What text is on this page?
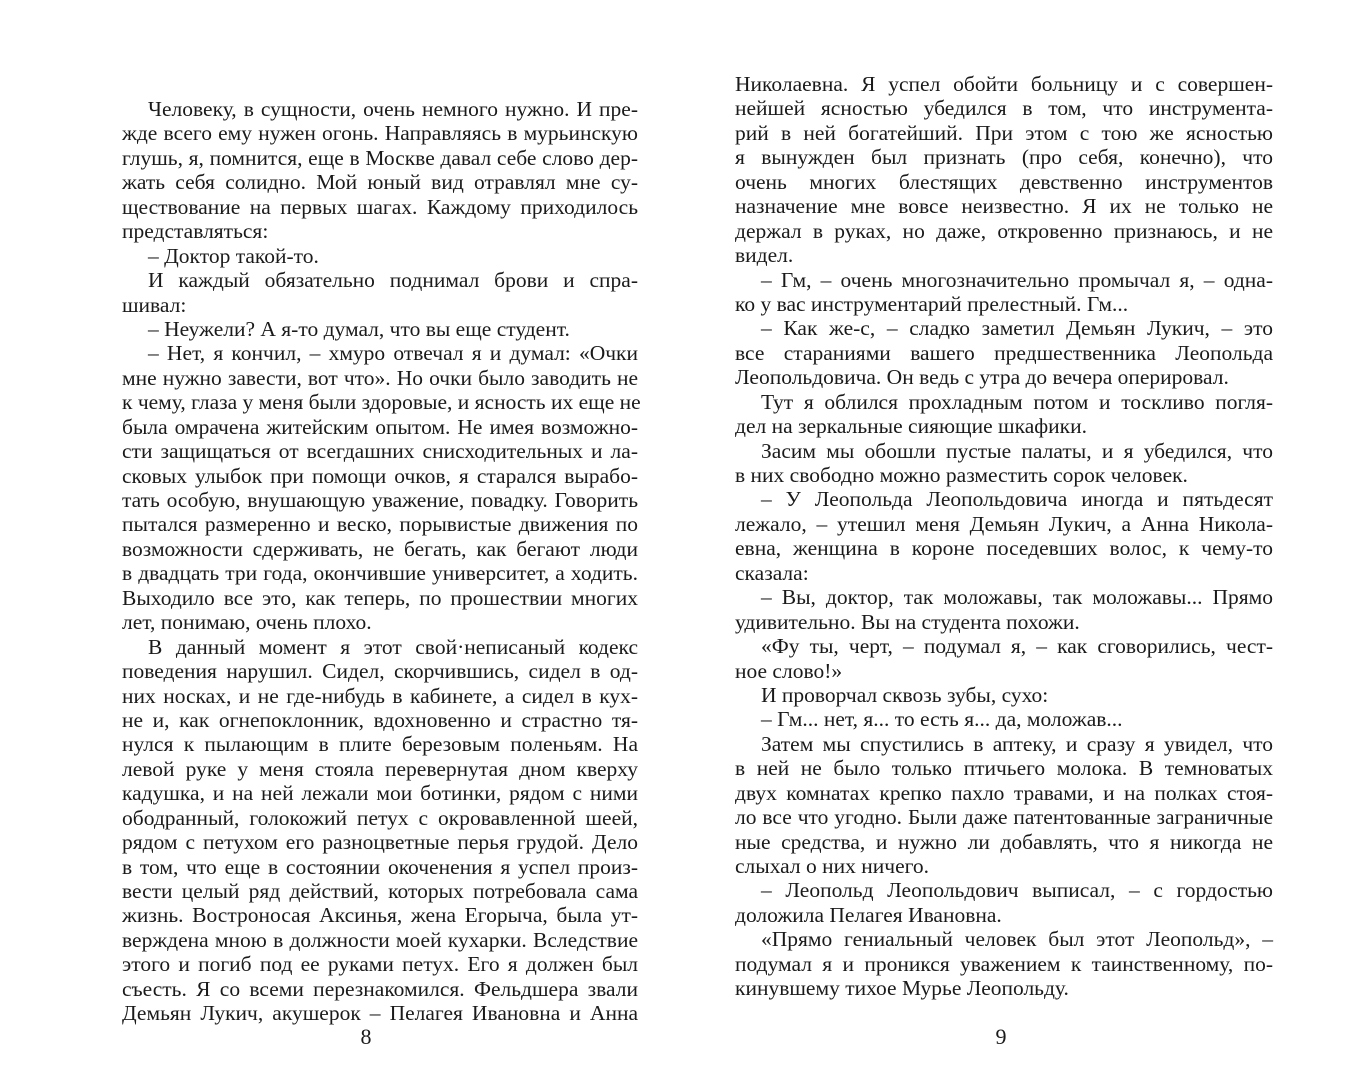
Человеку, в сущности, очень немного нужно. И пре-
жде всего ему нужен огонь. Направляясь в мурьинскую
глушь, я, помнится, еще в Москве давал себе слово дер-
жать себя солидно. Мой юный вид отравлял мне су-
ществование на первых шагах. Каждому приходилось
представляться:
– Доктор такой-то.
И каждый обязательно поднимал брови и спра-
шивал:
– Неужели? А я-то думал, что вы еще студент.
– Нет, я кончил, – хмуро отвечал я и думал: «Очки
мне нужно завести, вот что». Но очки было заводить не
к чему, глаза у меня были здоровые, и ясность их еще не
была омрачена житейским опытом. Не имея возможно-
сти защищаться от всегдашних снисходительных и ла-
сковых улыбок при помощи очков, я старался вырабо-
тать особую, внушающую уважение, повадку. Говорить
пытался размеренно и веско, порывистые движения по
возможности сдерживать, не бегать, как бегают люди
в двадцать три года, окончившие университет, а ходить.
Выходило все это, как теперь, по прошествии многих
лет, понимаю, очень плохо.
В данный момент я этот свой·неписаный кодекс
поведения нарушил. Сидел, скорчившись, сидел в од-
них носках, и не где-нибудь в кабинете, а сидел в кух-
не и, как огнепоклонник, вдохновенно и страстно тя-
нулся к пылающим в плите березовым поленьям. На
левой руке у меня стояла перевернутая дном кверху
кадушка, и на ней лежали мои ботинки, рядом с ними
ободранный, голокожий петух с окровавленной шеей,
рядом с петухом его разноцветные перья грудой. Дело
в том, что еще в состоянии окоченения я успел произ-
вести целый ряд действий, которых потребовала сама
жизнь. Востроносая Аксинья, жена Егорыча, была ут-
верждена мною в должности моей кухарки. Вследствие
этого и погиб под ее руками петух. Его я должен был
съесть. Я со всеми перезнакомился. Фельдшера звали
Демьян Лукич, акушерок – Пелагея Ивановна и Анна
8
Николаевна. Я успел обойти больницу и с совершен-
нейшей ясностью убедился в том, что инструмента-
рий в ней богатейший. При этом с тою же ясностью
я вынужден был признать (про себя, конечно), что
очень многих блестящих девственно инструментов
назначение мне вовсе неизвестно. Я их не только не
держал в руках, но даже, откровенно признаюсь, и не
видел.
– Гм, – очень многозначительно промычал я, – одна-
ко у вас инструментарий прелестный. Гм...
– Как же-с, – сладко заметил Демьян Лукич, – это
все стараниями вашего предшественника Леопольда
Леопольдовича. Он ведь с утра до вечера оперировал.
Тут я облился прохладным потом и тоскливо погля-
дел на зеркальные сияющие шкафики.
Засим мы обошли пустые палаты, и я убедился, что
в них свободно можно разместить сорок человек.
– У Леопольда Леопольдовича иногда и пятьдесят
лежало, – утешил меня Демьян Лукич, а Анна Никола-
евна, женщина в короне поседевших волос, к чему-то
сказала:
– Вы, доктор, так моложавы, так моложавы... Прямо
удивительно. Вы на студента похожи.
«Фу ты, черт, – подумал я, – как сговорились, чест-
ное слово!»
И проворчал сквозь зубы, сухо:
– Гм... нет, я... то есть я... да, моложав...
Затем мы спустились в аптеку, и сразу я увидел, что
в ней не было только птичьего молока. В темноватых
двух комнатах крепко пахло травами, и на полках стоя-
ло все что угодно. Были даже патентованные заграничные
ные средства, и нужно ли добавлять, что я никогда не
слыхал о них ничего.
– Леопольд Леопольдович выписал, – с гордостью
доложила Пелагея Ивановна.
«Прямо гениальный человек был этот Леопольд», –
подумал я и проникся уважением к таинственному, по-
кинувшему тихое Мурье Леопольду.
9
